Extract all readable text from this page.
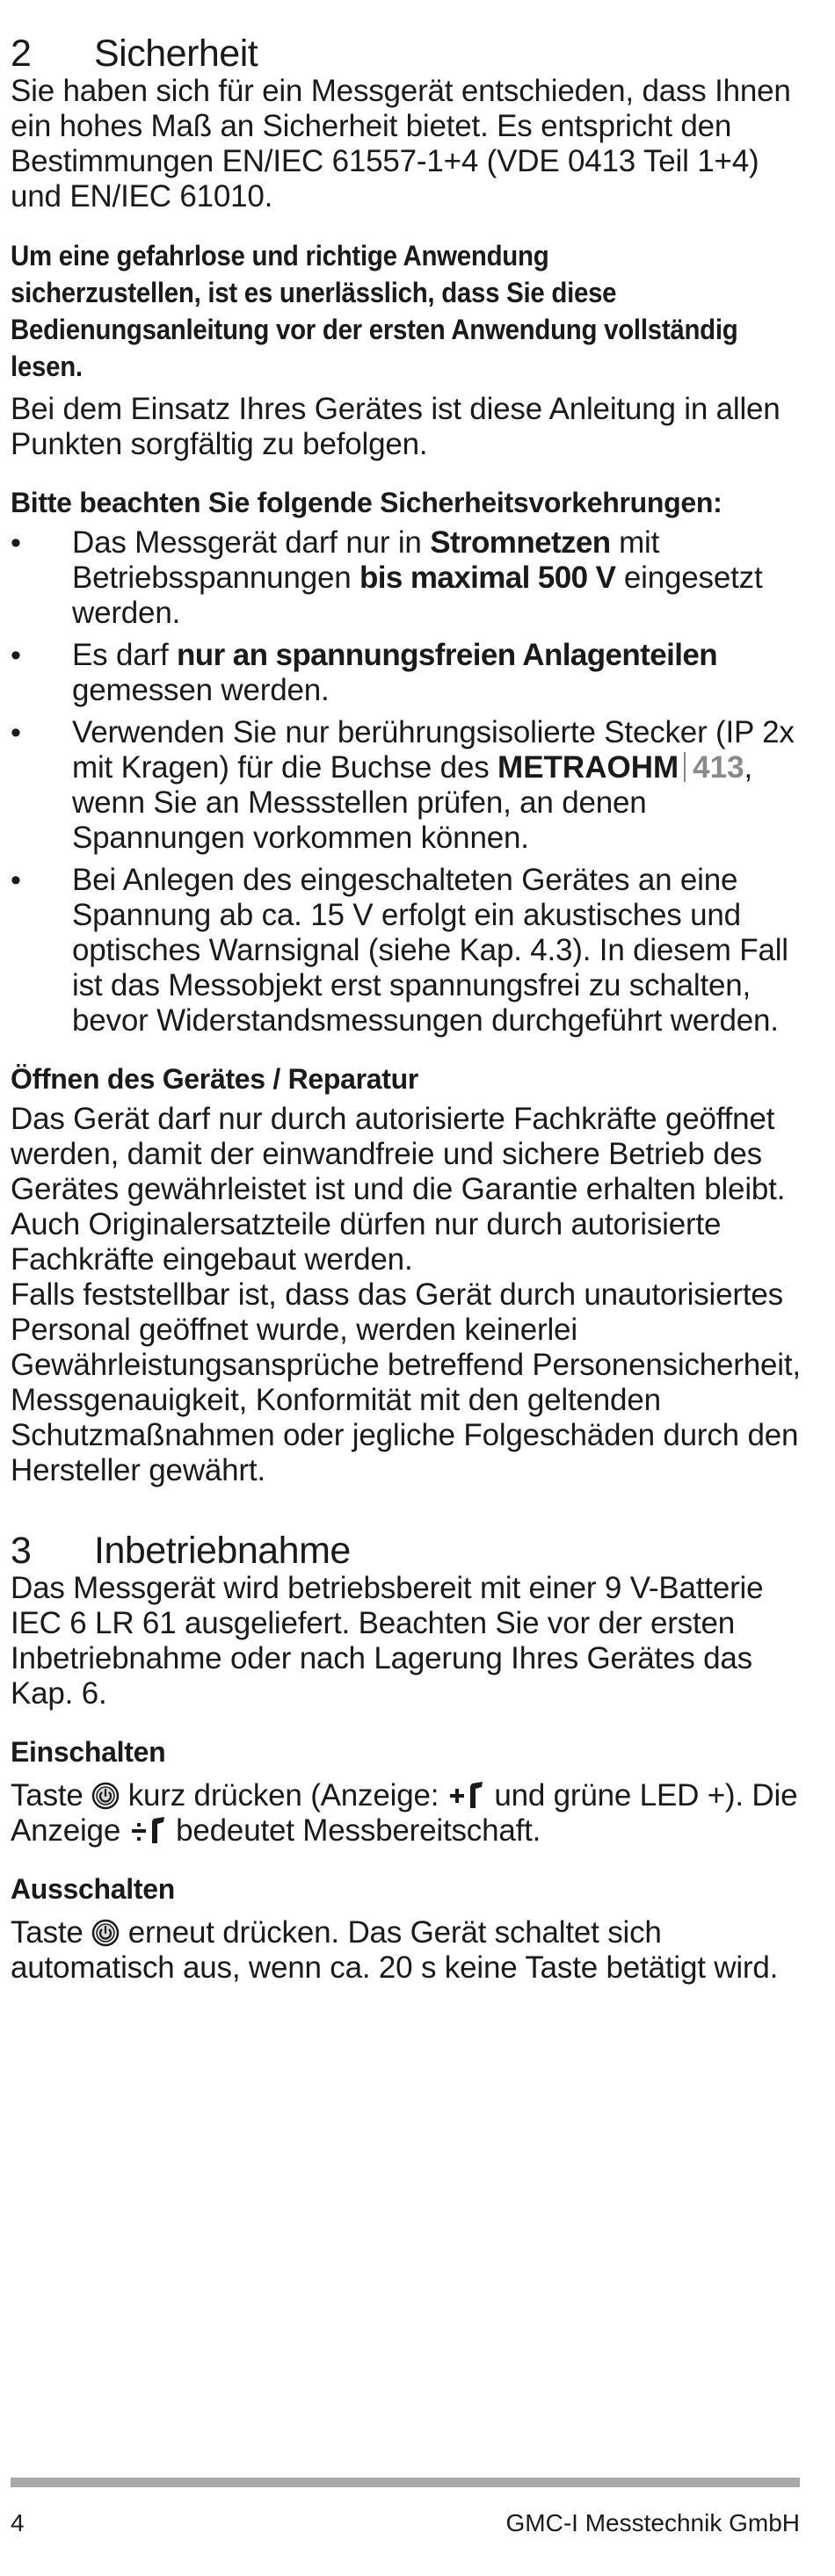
2 Sicherheit

Sie haben sich für ein Messgerät entschieden, dass Ihnen ein hohes Maß an Sicherheit bietet. Es entspricht den Bestimmungen EN/IEC 61557-1+4 (VDE 0413 Teil 1+4) und EN/IEC 61010.

Um eine gefahrlose und richtige Anwendung sicherzustellen, ist es unerlässlich, dass Sie diese Bedienungsanleitung vor der ersten Anwendung vollständig lesen.

Bei dem Einsatz Ihres Gerätes ist diese Anleitung in allen Punkten sorgfältig zu befolgen.

Bitte beachten Sie folgende Sicherheitsvorkehrungen:

• Das Messgerät darf nur in Stromnetzen mit Betriebsspannungen bis maximal 500 V eingesetzt werden.
• Es darf nur an spannungsfreien Anlagenteilen gemessen werden.
• Verwenden Sie nur berührungsisolierte Stecker (IP 2x mit Kragen) für die Buchse des METRAOHM 413, wenn Sie an Messstellen prüfen, an denen Spannungen vorkommen können.
• Bei Anlegen des eingeschalteten Gerätes an eine Spannung ab ca. 15 V erfolgt ein akustisches und optisches Warnsignal (siehe Kap. 4.3). In diesem Fall ist das Messobjekt erst spannungsfrei zu schalten, bevor Widerstandsmessungen durchgeführt werden.

Öffnen des Gerätes / Reparatur

Das Gerät darf nur durch autorisierte Fachkräfte geöffnet werden, damit der einwandfreie und sichere Betrieb des Gerätes gewährleistet ist und die Garantie erhalten bleibt.

Auch Originalersatzteile dürfen nur durch autorisierte Fachkräfte eingebaut werden.

Falls feststellbar ist, dass das Gerät durch unautorisiertes Personal geöffnet wurde, werden keinerlei Gewährleistungsansprüche betreffend Personensicherheit, Messgenauigkeit, Konformität mit den geltenden Schutzmaßnahmen oder jegliche Folgeschäden durch den Hersteller gewährt.

3 Inbetriebnahme

Das Messgerät wird betriebsbereit mit einer 9 V-Batterie IEC 6 LR 61 ausgeliefert. Beachten Sie vor der ersten Inbetriebnahme oder nach Lagerung Ihres Gerätes das Kap. 6.

Einschalten

Taste  kurz drücken (Anzeige:  und grüne LED +). Die Anzeige  bedeutet Messbereitschaft.

Ausschalten

Taste  erneut drücken. Das Gerät schaltet sich automatisch aus, wenn ca. 20 s keine Taste betätigt wird.

4	GMC-I Messtechnik GmbH
